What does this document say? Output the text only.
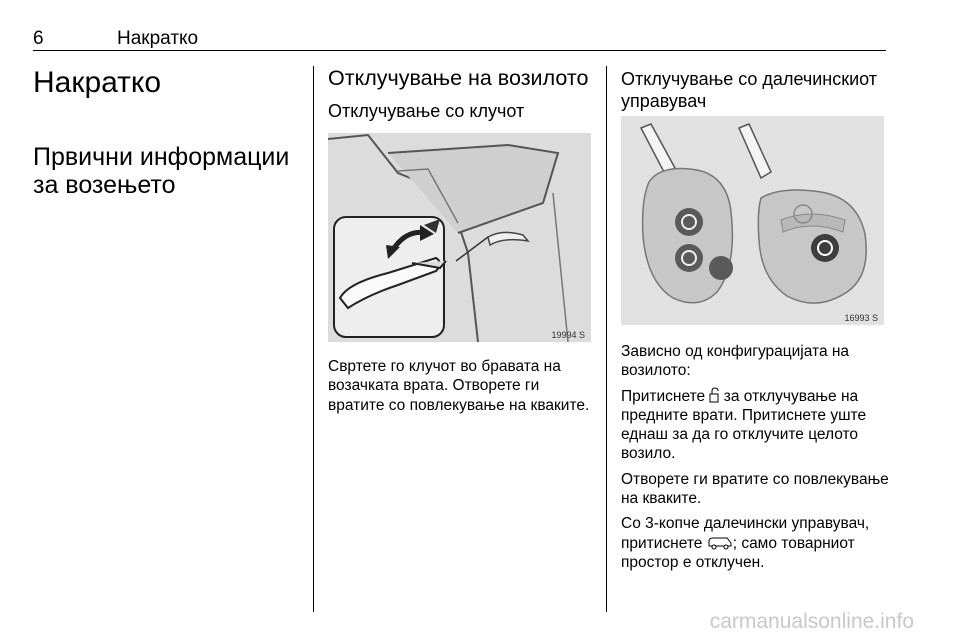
6	Накратко
Накратко
Првични информации за возењето
Отклучување на возилото
Отклучување со клучот
19994 S
Свртете го клучот во бравата на возачката врата. Отворете ги вратите со повлекување на кваките.
Отклучување со далечинскиот управувач
16993 S

Зависно од конфигурацијата на возилото:

Притиснете за отклучување на предните врати. Притиснете уште еднаш за да го отклучите целото возило.

Отворете ги вратите со повлекување на кваките.

Со 3-копче далечински управувач, притиснете ; само товарниот простор е отклучен.

carmanualsonline.info
